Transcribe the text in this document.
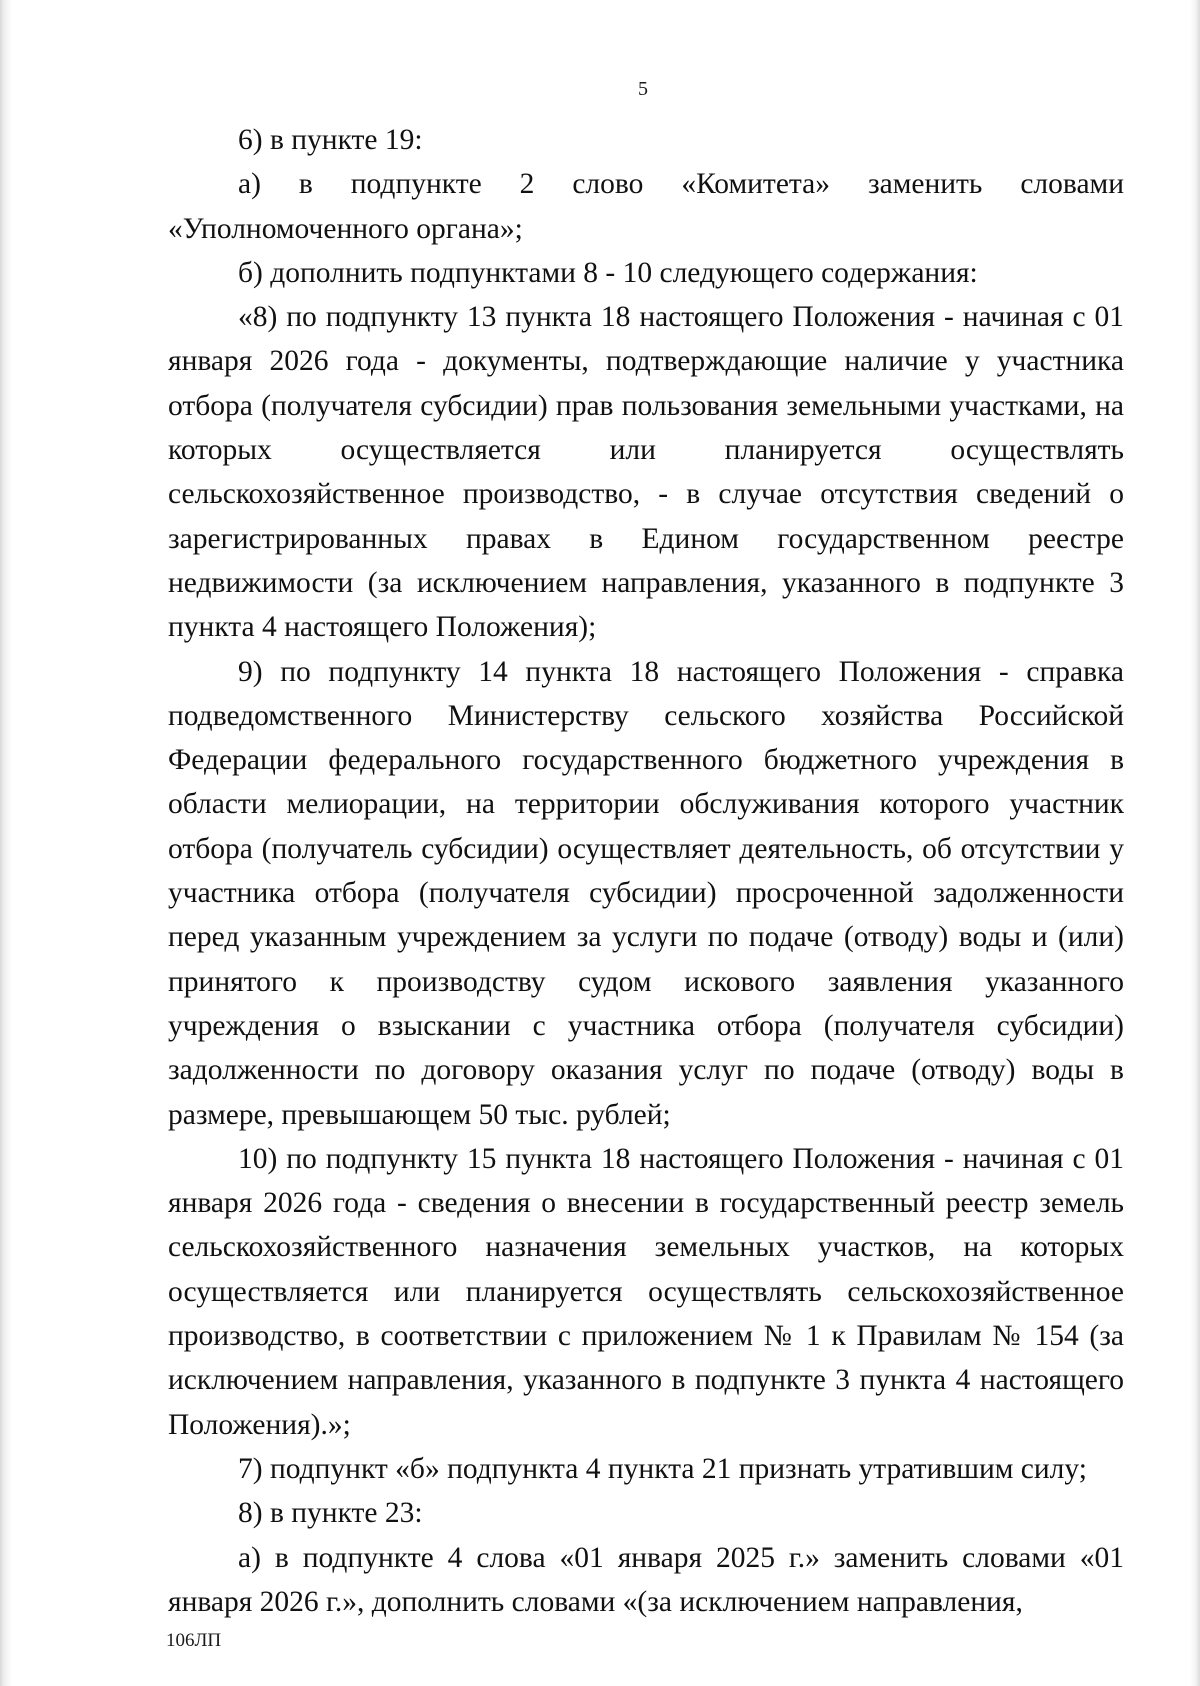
5

6) в пункте 19:

а) в подпункте 2 слово «Комитета» заменить словами «Уполномоченного органа»;

б) дополнить подпунктами 8 - 10 следующего содержания:

«8) по подпункту 13 пункта 18 настоящего Положения - начиная с 01 января 2026 года - документы, подтверждающие наличие у участника отбора (получателя субсидии) прав пользования земельными участками, на которых осуществляется или планируется осуществлять сельскохозяйственное производство, - в случае отсутствия сведений о зарегистрированных правах в Едином государственном реестре недвижимости (за исключением направления, указанного в подпункте 3 пункта 4 настоящего Положения);

9) по подпункту 14 пункта 18 настоящего Положения - справка подведомственного Министерству сельского хозяйства Российской Федерации федерального государственного бюджетного учреждения в области мелиорации, на территории обслуживания которого участник отбора (получатель субсидии) осуществляет деятельность, об отсутствии у участника отбора (получателя субсидии) просроченной задолженности перед указанным учреждением за услуги по подаче (отводу) воды и (или) принятого к производству судом искового заявления указанного учреждения о взыскании с участника отбора (получателя субсидии) задолженности по договору оказания услуг по подаче (отводу) воды в размере, превышающем 50 тыс. рублей;

10) по подпункту 15 пункта 18 настоящего Положения - начиная с 01 января 2026 года - сведения о внесении в государственный реестр земель сельскохозяйственного назначения земельных участков, на которых осуществляется или планируется осуществлять сельскохозяйственное производство, в соответствии с приложением № 1 к Правилам № 154 (за исключением направления, указанного в подпункте 3 пункта 4 настоящего Положения).»;

7) подпункт «б» подпункта 4 пункта 21 признать утратившим силу;

8) в пункте 23:

а) в подпункте 4 слова «01 января 2025 г.» заменить словами «01 января 2026 г.», дополнить словами «(за исключением направления,

106ЛП
